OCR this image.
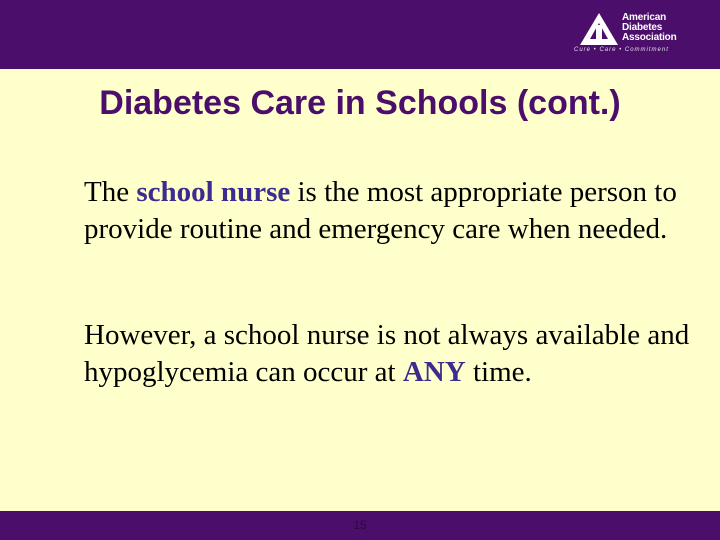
American
Diabetes
Association
Cure • Care • Commitment
Diabetes Care in Schools (cont.)

The school nurse is the most appropriate person to provide routine and emergency care when needed.

However, a school nurse is not always available and hypoglycemia can occur at ANY time.

15
